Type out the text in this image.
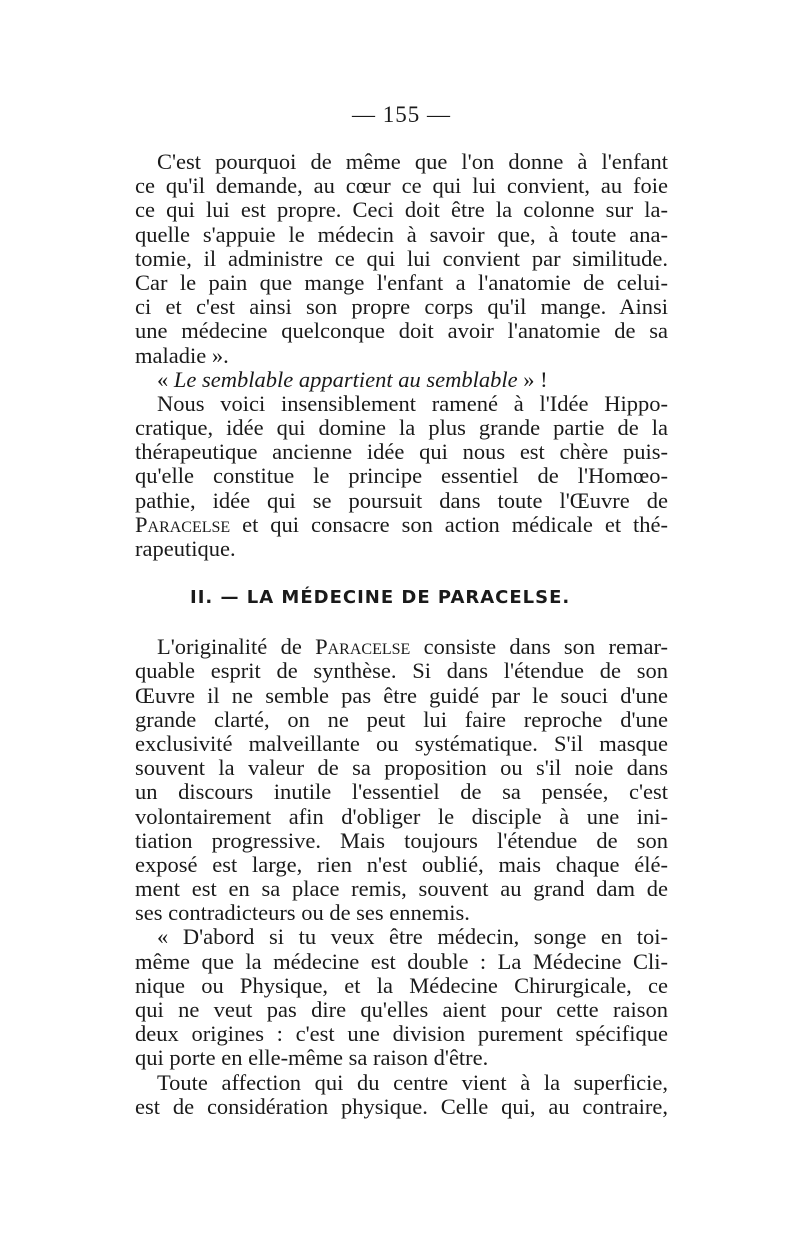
— 155 —
C'est pourquoi de même que l'on donne à l'enfant
ce qu'il demande, au cœur ce qui lui convient, au foie
ce qui lui est propre. Ceci doit être la colonne sur la-
quelle s'appuie le médecin à savoir que, à toute ana-
tomie, il administre ce qui lui convient par similitude.
Car le pain que mange l'enfant a l'anatomie de celui-
ci et c'est ainsi son propre corps qu'il mange. Ainsi
une médecine quelconque doit avoir l'anatomie de sa
maladie ».
« Le semblable appartient au semblable » !
Nous voici insensiblement ramené à l'Idée Hippo-
cratique, idée qui domine la plus grande partie de la
thérapeutique ancienne idée qui nous est chère puis-
qu'elle constitue le principe essentiel de l'Homœo-
pathie, idée qui se poursuit dans toute l'Œuvre de
Paracelse et qui consacre son action médicale et thé-
rapeutique.
II. — LA MÉDECINE DE PARACELSE.
L'originalité de Paracelse consiste dans son remar-
quable esprit de synthèse. Si dans l'étendue de son
Œuvre il ne semble pas être guidé par le souci d'une
grande clarté, on ne peut lui faire reproche d'une
exclusivité malveillante ou systématique. S'il masque
souvent la valeur de sa proposition ou s'il noie dans
un discours inutile l'essentiel de sa pensée, c'est
volontairement afin d'obliger le disciple à une ini-
tiation progressive. Mais toujours l'étendue de son
exposé est large, rien n'est oublié, mais chaque élé-
ment est en sa place remis, souvent au grand dam de
ses contradicteurs ou de ses ennemis.
« D'abord si tu veux être médecin, songe en toi-
même que la médecine est double : La Médecine Cli-
nique ou Physique, et la Médecine Chirurgicale, ce
qui ne veut pas dire qu'elles aient pour cette raison
deux origines : c'est une division purement spécifique
qui porte en elle-même sa raison d'être.
Toute affection qui du centre vient à la superficie,
est de considération physique. Celle qui, au contraire,
